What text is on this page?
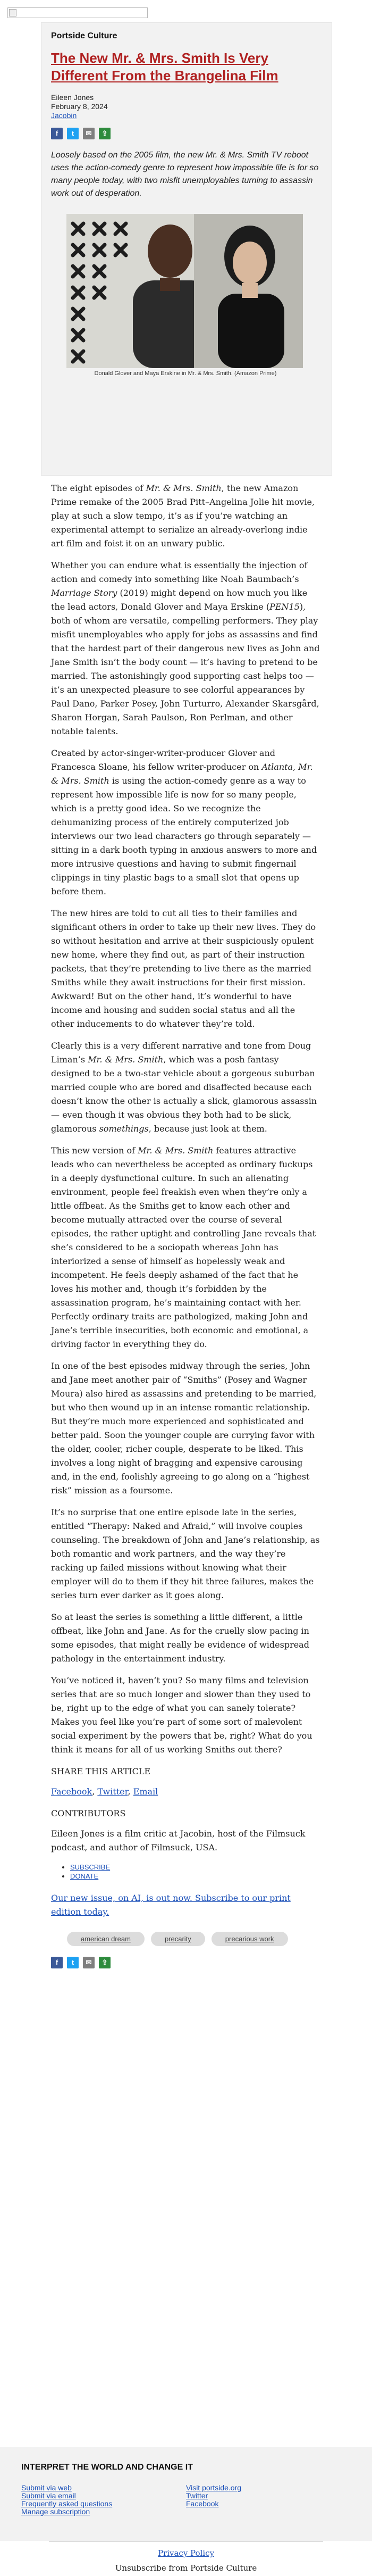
Portside Culture
The New Mr. & Mrs. Smith Is Very Different From the Brangelina Film
Eileen Jones
February 8, 2024
Jacobin
f	t	✉	⇪
Loosely based on the 2005 film, the new Mr. & Mrs. Smith TV reboot uses the action-comedy genre to represent how impossible life is for so many people today, with two misfit unemployables turning to assassin work out of desperation.
Donald Glover and Maya Erskine in Mr. & Mrs. Smith. (Amazon Prime)

The eight episodes of Mr. & Mrs. Smith, the new Amazon Prime remake of the 2005 Brad Pitt–Angelina Jolie hit movie, play at such a slow tempo, it’s as if you’re watching an experimental attempt to serialize an already-overlong indie art film and foist it on an unwary public.

Whether you can endure what is essentially the injection of action and comedy into something like Noah Baumbach’s Marriage Story (2019) might depend on how much you like the lead actors, Donald Glover and Maya Erskine (PEN15), both of whom are versatile, compelling performers. They play misfit unemployables who apply for jobs as assassins and find that the hardest part of their dangerous new lives as John and Jane Smith isn’t the body count — it’s having to pretend to be married. The astonishingly good supporting cast helps too — it’s an unexpected pleasure to see colorful appearances by Paul Dano, Parker Posey, John Turturro, Alexander Skarsgård, Sharon Horgan, Sarah Paulson, Ron Perlman, and other notable talents.

Created by actor-singer-writer-producer Glover and Francesca Sloane, his fellow writer-producer on Atlanta, Mr. & Mrs. Smith is using the action-comedy genre as a way to represent how impossible life is now for so many people, which is a pretty good idea. So we recognize the dehumanizing process of the entirely computerized job interviews our two lead characters go through separately — sitting in a dark booth typing in anxious answers to more and more intrusive questions and having to submit fingernail clippings in tiny plastic bags to a small slot that opens up before them.

The new hires are told to cut all ties to their families and significant others in order to take up their new lives. They do so without hesitation and arrive at their suspiciously opulent new home, where they find out, as part of their instruction packets, that they’re pretending to live there as the married Smiths while they await instructions for their first mission. Awkward! But on the other hand, it’s wonderful to have income and housing and sudden social status and all the other inducements to do whatever they’re told.

Clearly this is a very different narrative and tone from Doug Liman’s Mr. & Mrs. Smith, which was a posh fantasy designed to be a two-star vehicle about a gorgeous suburban married couple who are bored and disaffected because each doesn’t know the other is actually a slick, glamorous assassin — even though it was obvious they both had to be slick, glamorous somethings, because just look at them.

This new version of Mr. & Mrs. Smith features attractive leads who can nevertheless be accepted as ordinary fuckups in a deeply dysfunctional culture. In such an alienating environment, people feel freakish even when they’re only a little offbeat. As the Smiths get to know each other and become mutually attracted over the course of several episodes, the rather uptight and controlling Jane reveals that she’s considered to be a sociopath whereas John has interiorized a sense of himself as hopelessly weak and incompetent. He feels deeply ashamed of the fact that he loves his mother and, though it’s forbidden by the assassination program, he’s maintaining contact with her. Perfectly ordinary traits are pathologized, making John and Jane’s terrible insecurities, both economic and emotional, a driving factor in everything they do.

In one of the best episodes midway through the series, John and Jane meet another pair of “Smiths” (Posey and Wagner Moura) also hired as assassins and pretending to be married, but who then wound up in an intense romantic relationship. But they’re much more experienced and sophisticated and better paid. Soon the younger couple are currying favor with the older, cooler, richer couple, desperate to be liked. This involves a long night of bragging and expensive carousing and, in the end, foolishly agreeing to go along on a “highest risk” mission as a foursome.

It’s no surprise that one entire episode late in the series, entitled “Therapy: Naked and Afraid,” will involve couples counseling. The breakdown of John and Jane’s relationship, as both romantic and work partners, and the way they’re racking up failed missions without knowing what their employer will do to them if they hit three failures, makes the series turn ever darker as it goes along.

So at least the series is something a little different, a little offbeat, like John and Jane. As for the cruelly slow pacing in some episodes, that might really be evidence of widespread pathology in the entertainment industry.

You’ve noticed it, haven’t you? So many films and television series that are so much longer and slower than they used to be, right up to the edge of what you can sanely tolerate? Makes you feel like you’re part of some sort of malevolent social experiment by the powers that be, right? What do you think it means for all of us working Smiths out there?

SHARE THIS ARTICLE

Facebook, Twitter, Email

CONTRIBUTORS

Eileen Jones is a film critic at Jacobin, host of the Filmsuck podcast, and author of Filmsuck, USA.

• SUBSCRIBE
• DONATE
Our new issue, on AI, is out now. Subscribe to our print edition today.
american dream	precarity	precarious work
f	t	✉	⇪
INTERPRET THE WORLD AND CHANGE IT
Submit via web
Submit via email
Frequently asked questions
Manage subscription
Visit portside.org
Twitter
Facebook
Privacy Policy
Unsubscribe from Portside Culture
